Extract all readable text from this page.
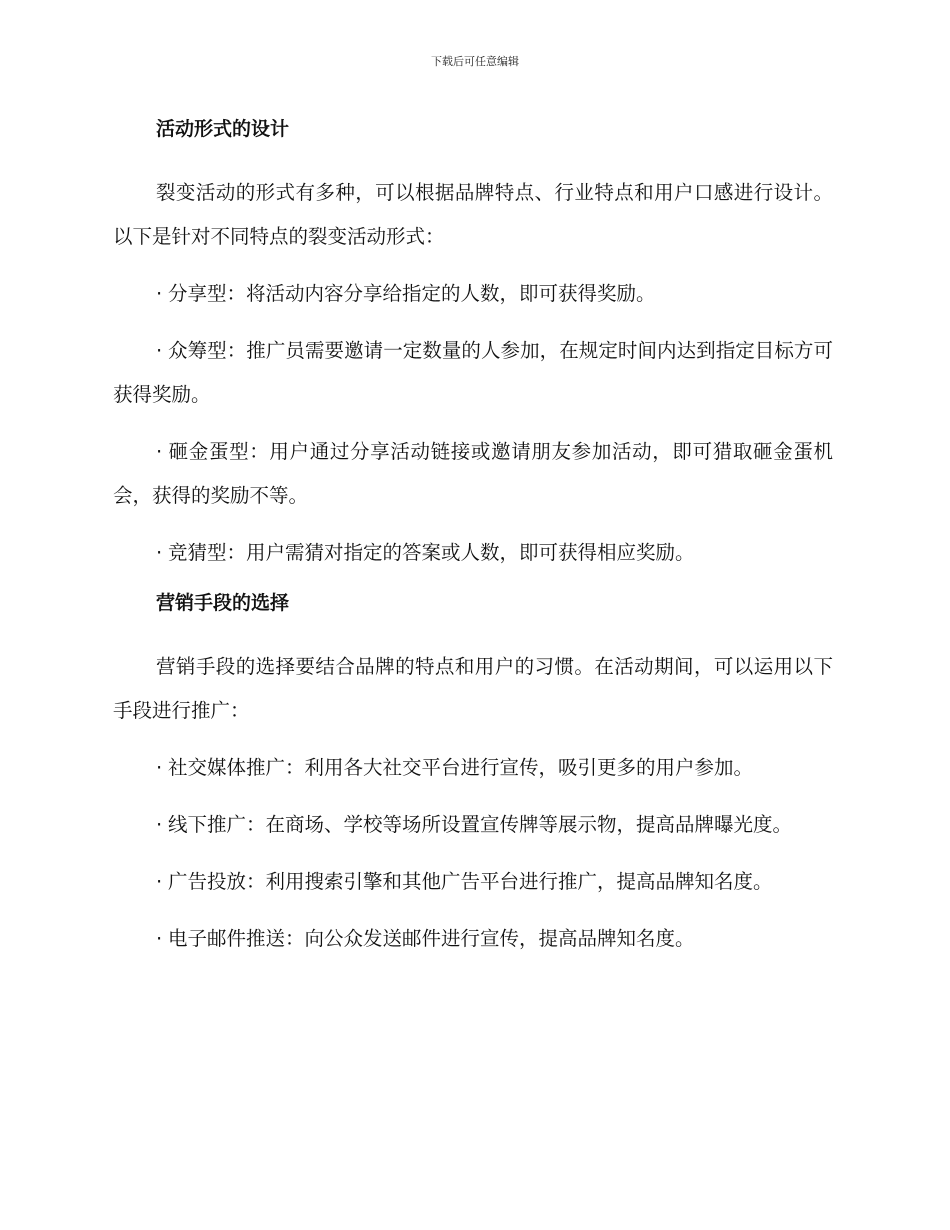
下载后可任意编辑
活动形式的设计

裂变活动的形式有多种，可以根据品牌特点、行业特点和用户口感进行设计。以下是针对不同特点的裂变活动形式：

· 分享型：将活动内容分享给指定的人数，即可获得奖励。

· 众筹型：推广员需要邀请一定数量的人参加，在规定时间内达到指定目标方可获得奖励。

· 砸金蛋型：用户通过分享活动链接或邀请朋友参加活动，即可猎取砸金蛋机会，获得的奖励不等。

· 竞猜型：用户需猜对指定的答案或人数，即可获得相应奖励。

营销手段的选择

营销手段的选择要结合品牌的特点和用户的习惯。在活动期间，可以运用以下手段进行推广：

· 社交媒体推广：利用各大社交平台进行宣传，吸引更多的用户参加。

· 线下推广：在商场、学校等场所设置宣传牌等展示物，提高品牌曝光度。

· 广告投放：利用搜索引擎和其他广告平台进行推广，提高品牌知名度。

· 电子邮件推送：向公众发送邮件进行宣传，提高品牌知名度。
